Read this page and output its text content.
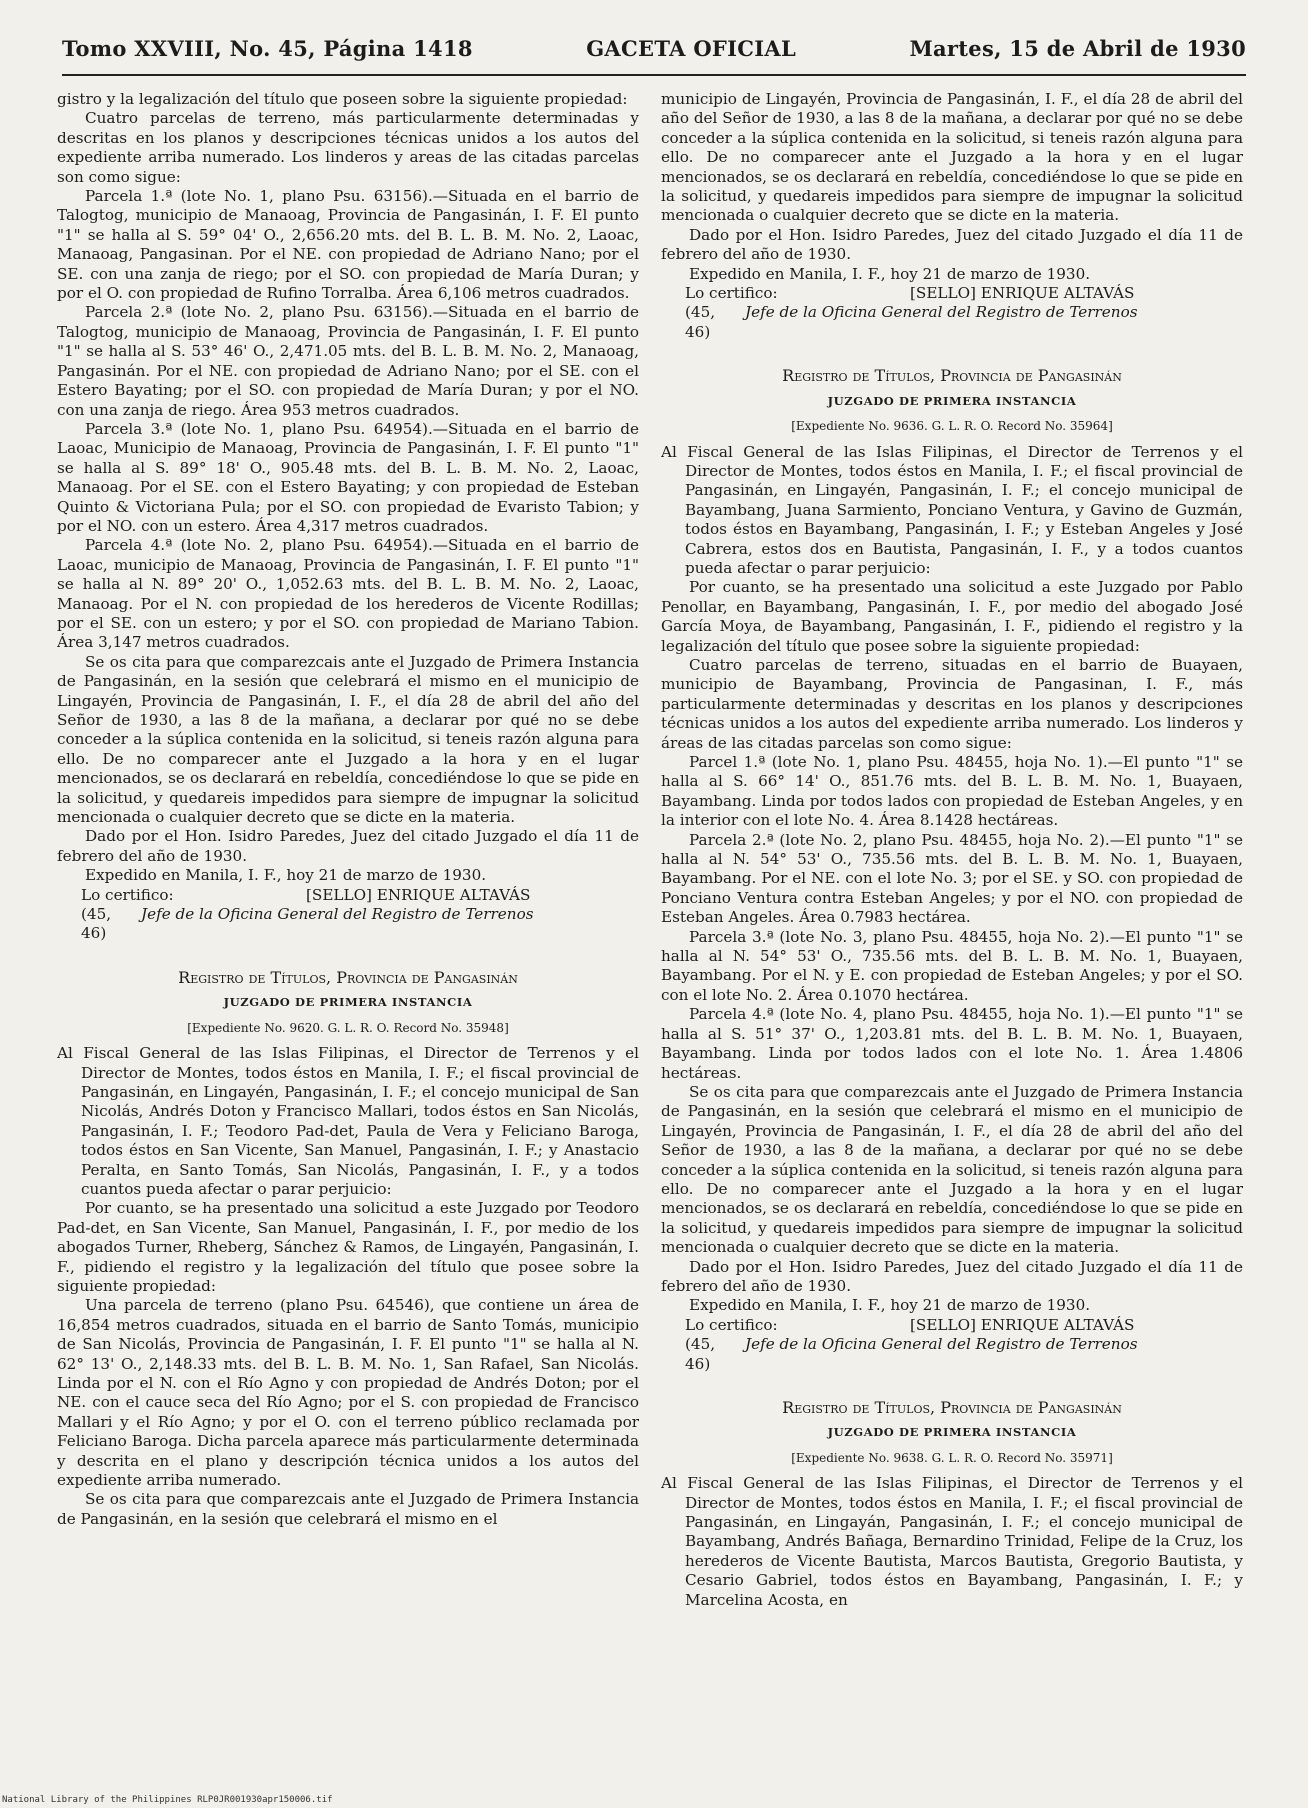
Tomo XXVIII, No. 45, Página 1418	GACETA OFICIAL	Martes, 15 de Abril de 1930

gistro y la legalización del título que poseen sobre la siguiente propiedad:

Cuatro parcelas de terreno, más particularmente determinadas y descritas en los planos y descripciones técnicas unidos a los autos del expediente arriba numerado. Los linderos y areas de las citadas parcelas son como sigue:

Parcela 1.ª (lote No. 1, plano Psu. 63156).—Situada en el barrio de Talogtog, municipio de Manaoag, Provincia de Pangasinán, I. F. El punto "1" se halla al S. 59° 04' O., 2,656.20 mts. del B. L. B. M. No. 2, Laoac, Manaoag, Pangasinan. Por el NE. con propiedad de Adriano Nano; por el SE. con una zanja de riego; por el SO. con propiedad de María Duran; y por el O. con propiedad de Rufino Torralba. Área 6,106 metros cuadrados.

Parcela 2.ª (lote No. 2, plano Psu. 63156).—Situada en el barrio de Talogtog, municipio de Manaoag, Provincia de Pangasinán, I. F. El punto "1" se halla al S. 53° 46' O., 2,471.05 mts. del B. L. B. M. No. 2, Manaoag, Pangasinán. Por el NE. con propiedad de Adriano Nano; por el SE. con el Estero Bayating; por el SO. con propiedad de María Duran; y por el NO. con una zanja de riego. Área 953 metros cuadrados.

Parcela 3.ª (lote No. 1, plano Psu. 64954).—Situada en el barrio de Laoac, Municipio de Manaoag, Provincia de Pangasinán, I. F. El punto "1" se halla al S. 89° 18' O., 905.48 mts. del B. L. B. M. No. 2, Laoac, Manaoag. Por el SE. con el Estero Bayating; y con propiedad de Esteban Quinto & Victoriana Pula; por el SO. con propiedad de Evaristo Tabion; y por el NO. con un estero. Área 4,317 metros cuadrados.

Parcela 4.ª (lote No. 2, plano Psu. 64954).—Situada en el barrio de Laoac, municipio de Manaoag, Provincia de Pangasinán, I. F. El punto "1" se halla al N. 89° 20' O., 1,052.63 mts. del B. L. B. M. No. 2, Laoac, Manaoag. Por el N. con propiedad de los herederos de Vicente Rodillas; por el SE. con un estero; y por el SO. con propiedad de Mariano Tabion. Área 3,147 metros cuadrados.

Se os cita para que comparezcais ante el Juzgado de Primera Instancia de Pangasinán, en la sesión que celebrará el mismo en el municipio de Lingayén, Provincia de Pangasinán, I. F., el día 28 de abril del año del Señor de 1930, a las 8 de la mañana, a declarar por qué no se debe conceder a la súplica contenida en la solicitud, si teneis razón alguna para ello. De no comparecer ante el Juzgado a la hora y en el lugar mencionados, se os declarará en rebeldía, concediéndose lo que se pide en la solicitud, y quedareis impedidos para siempre de impugnar la solicitud mencionada o cualquier decreto que se dicte en la materia.

Dado por el Hon. Isidro Paredes, Juez del citado Juzgado el día 11 de febrero del año de 1930.

Expedido en Manila, I. F., hoy 21 de marzo de 1930.

Lo certifico:	[SELLO] ENRIQUE ALTAVÁS
(45, 46)
Jefe de la Oficina General del Registro de Terrenos
Registro de Títulos, Provincia de Pangasinán
JUZGADO DE PRIMERA INSTANCIA
[Expediente No. 9620. G. L. R. O. Record No. 35948]

Al Fiscal General de las Islas Filipinas, el Director de Terrenos y el Director de Montes, todos éstos en Manila, I. F.; el fiscal provincial de Pangasinán, en Lingayén, Pangasinán, I. F.; el concejo municipal de San Nicolás, Andrés Doton y Francisco Mallari, todos éstos en San Nicolás, Pangasinán, I. F.; Teodoro Pad-det, Paula de Vera y Feliciano Baroga, todos éstos en San Vicente, San Manuel, Pangasinán, I. F.; y Anastacio Peralta, en Santo Tomás, San Nicolás, Pangasinán, I. F., y a todos cuantos pueda afectar o parar perjuicio:

Por cuanto, se ha presentado una solicitud a este Juzgado por Teodoro Pad-det, en San Vicente, San Manuel, Pangasinán, I. F., por medio de los abogados Turner, Rheberg, Sánchez & Ramos, de Lingayén, Pangasinán, I. F., pidiendo el registro y la legalización del título que posee sobre la siguiente propiedad:

Una parcela de terreno (plano Psu. 64546), que contiene un área de 16,854 metros cuadrados, situada en el barrio de Santo Tomás, municipio de San Nicolás, Provincia de Pangasinán, I. F. El punto "1" se halla al N. 62° 13' O., 2,148.33 mts. del B. L. B. M. No. 1, San Rafael, San Nicolás. Linda por el N. con el Río Agno y con propiedad de Andrés Doton; por el NE. con el cauce seca del Río Agno; por el S. con propiedad de Francisco Mallari y el Río Agno; y por el O. con el terreno público reclamada por Feliciano Baroga. Dicha parcela aparece más particularmente determinada y descrita en el plano y descripción técnica unidos a los autos del expediente arriba numerado.

Se os cita para que comparezcais ante el Juzgado de Primera Instancia de Pangasinán, en la sesión que celebrará el mismo en el

municipio de Lingayén, Provincia de Pangasinán, I. F., el día 28 de abril del año del Señor de 1930, a las 8 de la mañana, a declarar por qué no se debe conceder a la súplica contenida en la solicitud, si teneis razón alguna para ello. De no comparecer ante el Juzgado a la hora y en el lugar mencionados, se os declarará en rebeldía, concediéndose lo que se pide en la solicitud, y quedareis impedidos para siempre de impugnar la solicitud mencionada o cualquier decreto que se dicte en la materia.

Dado por el Hon. Isidro Paredes, Juez del citado Juzgado el día 11 de febrero del año de 1930.

Expedido en Manila, I. F., hoy 21 de marzo de 1930.

Lo certifico:	[SELLO] ENRIQUE ALTAVÁS
(45, 46)
Jefe de la Oficina General del Registro de Terrenos
Registro de Títulos, Provincia de Pangasinán
JUZGADO DE PRIMERA INSTANCIA
[Expediente No. 9636. G. L. R. O. Record No. 35964]

Al Fiscal General de las Islas Filipinas, el Director de Terrenos y el Director de Montes, todos éstos en Manila, I. F.; el fiscal provincial de Pangasinán, en Lingayén, Pangasinán, I. F.; el concejo municipal de Bayambang, Juana Sarmiento, Ponciano Ventura, y Gavino de Guzmán, todos éstos en Bayambang, Pangasinán, I. F.; y Esteban Angeles y José Cabrera, estos dos en Bautista, Pangasinán, I. F., y a todos cuantos pueda afectar o parar perjuicio:

Por cuanto, se ha presentado una solicitud a este Juzgado por Pablo Penollar, en Bayambang, Pangasinán, I. F., por medio del abogado José García Moya, de Bayambang, Pangasinán, I. F., pidiendo el registro y la legalización del título que posee sobre la siguiente propiedad:

Cuatro parcelas de terreno, situadas en el barrio de Buayaen, municipio de Bayambang, Provincia de Pangasinan, I. F., más particularmente determinadas y descritas en los planos y descripciones técnicas unidos a los autos del expediente arriba numerado. Los linderos y áreas de las citadas parcelas son como sigue:

Parcel 1.ª (lote No. 1, plano Psu. 48455, hoja No. 1).—El punto "1" se halla al S. 66° 14' O., 851.76 mts. del B. L. B. M. No. 1, Buayaen, Bayambang. Linda por todos lados con propiedad de Esteban Angeles, y en la interior con el lote No. 4. Área 8.1428 hectáreas.

Parcela 2.ª (lote No. 2, plano Psu. 48455, hoja No. 2).—El punto "1" se halla al N. 54° 53' O., 735.56 mts. del B. L. B. M. No. 1, Buayaen, Bayambang. Por el NE. con el lote No. 3; por el SE. y SO. con propiedad de Ponciano Ventura contra Esteban Angeles; y por el NO. con propiedad de Esteban Angeles. Área 0.7983 hectárea.

Parcela 3.ª (lote No. 3, plano Psu. 48455, hoja No. 2).—El punto "1" se halla al N. 54° 53' O., 735.56 mts. del B. L. B. M. No. 1, Buayaen, Bayambang. Por el N. y E. con propiedad de Esteban Angeles; y por el SO. con el lote No. 2. Área 0.1070 hectárea.

Parcela 4.ª (lote No. 4, plano Psu. 48455, hoja No. 1).—El punto "1" se halla al S. 51° 37' O., 1,203.81 mts. del B. L. B. M. No. 1, Buayaen, Bayambang. Linda por todos lados con el lote No. 1. Área 1.4806 hectáreas.

Se os cita para que comparezcais ante el Juzgado de Primera Instancia de Pangasinán, en la sesión que celebrará el mismo en el municipio de Lingayén, Provincia de Pangasinán, I. F., el día 28 de abril del año del Señor de 1930, a las 8 de la mañana, a declarar por qué no se debe conceder a la súplica contenida en la solicitud, si teneis razón alguna para ello. De no comparecer ante el Juzgado a la hora y en el lugar mencionados, se os declarará en rebeldía, concediéndose lo que se pide en la solicitud, y quedareis impedidos para siempre de impugnar la solicitud mencionada o cualquier decreto que se dicte en la materia.

Dado por el Hon. Isidro Paredes, Juez del citado Juzgado el día 11 de febrero del año de 1930.

Expedido en Manila, I. F., hoy 21 de marzo de 1930.

Lo certifico:	[SELLO] ENRIQUE ALTAVÁS
(45, 46)
Jefe de la Oficina General del Registro de Terrenos
Registro de Títulos, Provincia de Pangasinán
JUZGADO DE PRIMERA INSTANCIA
[Expediente No. 9638. G. L. R. O. Record No. 35971]

Al Fiscal General de las Islas Filipinas, el Director de Terrenos y el Director de Montes, todos éstos en Manila, I. F.; el fiscal provincial de Pangasinán, en Lingayán, Pangasinán, I. F.; el concejo municipal de Bayambang, Andrés Bañaga, Bernardino Trinidad, Felipe de la Cruz, los herederos de Vicente Bautista, Marcos Bautista, Gregorio Bautista, y Cesario Gabriel, todos éstos en Bayambang, Pangasinán, I. F.; y Marcelina Acosta, en

National Library of the Philippines RLP0JR001930apr150006.tif
